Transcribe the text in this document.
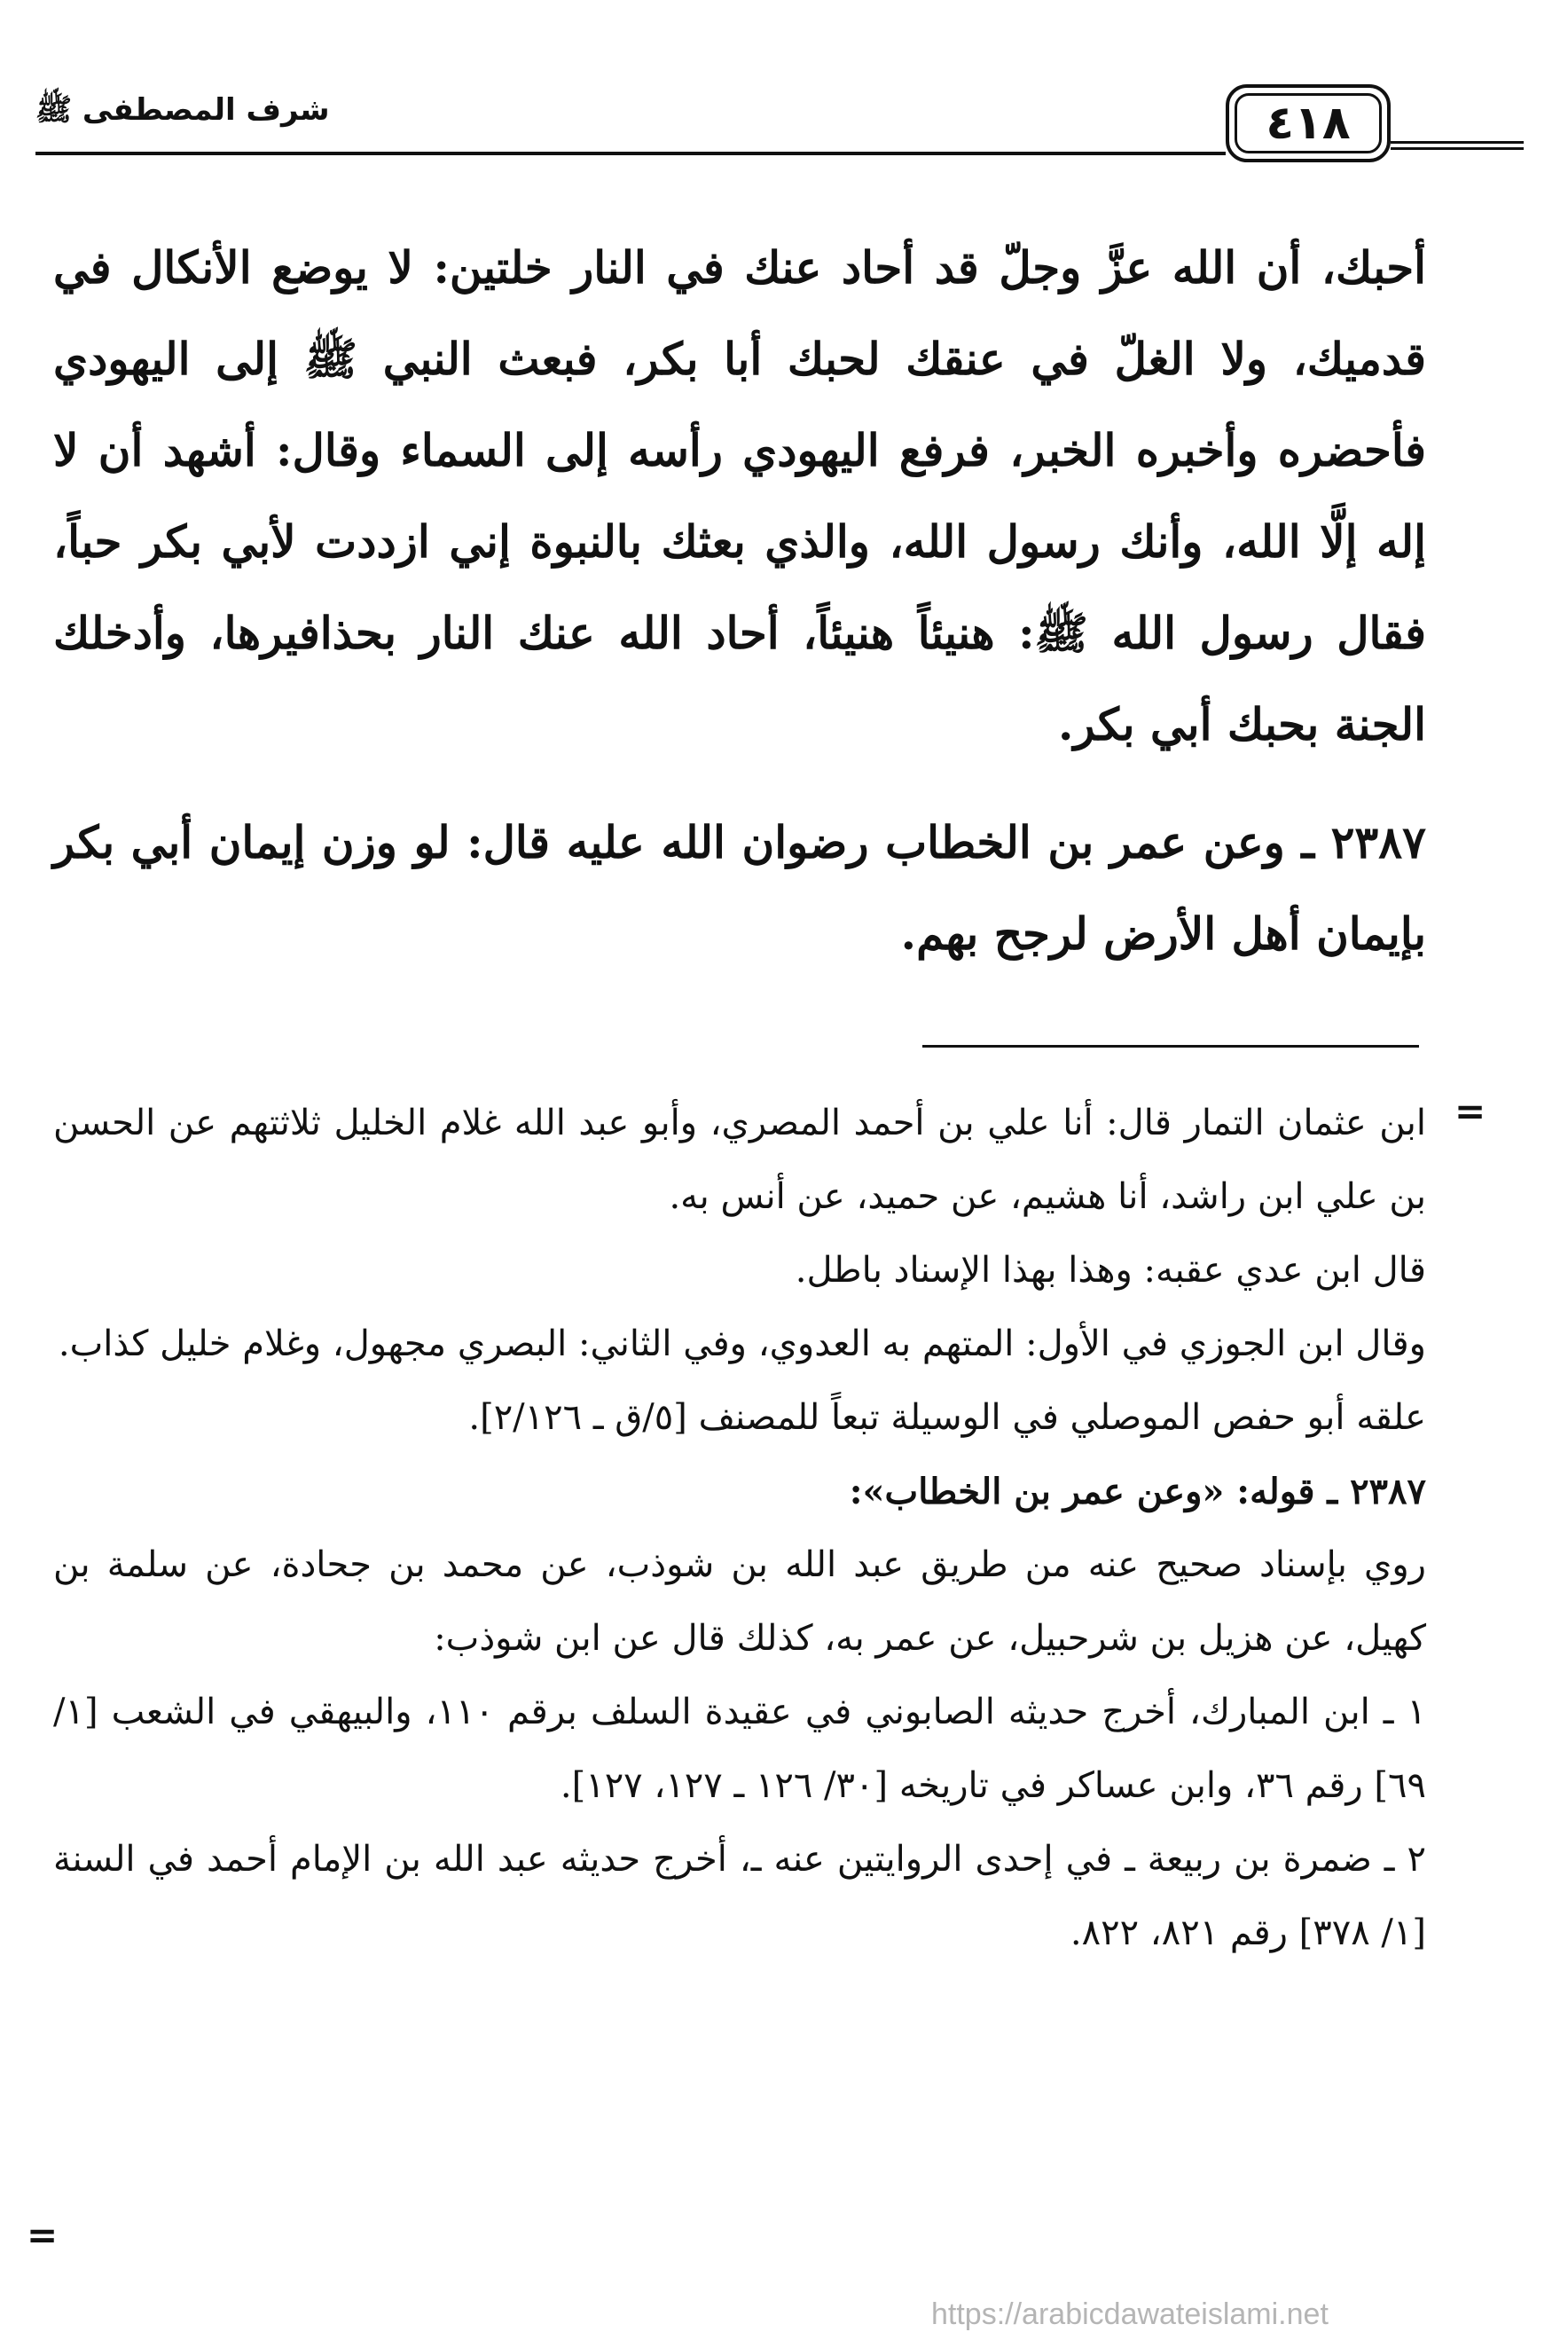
شرف المصطفى ﷺ	٤١٨

أحبك، أن الله عزَّ وجلّ قد أحاد عنك في النار خلتين: لا يوضع الأنكال في قدميك، ولا الغلّ في عنقك لحبك أبا بكر، فبعث النبي ﷺ إلى اليهودي فأحضره وأخبره الخبر، فرفع اليهودي رأسه إلى السماء وقال: أشهد أن لا إله إلَّا الله، وأنك رسول الله، والذي بعثك بالنبوة إني ازددت لأبي بكر حباً، فقال رسول الله ﷺ: هنيئاً هنيئاً، أحاد الله عنك النار بحذافيرها، وأدخلك الجنة بحبك أبي بكر.

٢٣٨٧ ـ وعن عمر بن الخطاب رضوان الله عليه قال: لو وزن إيمان أبي بكر بإيمان أهل الأرض لرجح بهم.

=

ابن عثمان التمار قال: أنا علي بن أحمد المصري، وأبو عبد الله غلام الخليل ثلاثتهم عن الحسن بن علي ابن راشد، أنا هشيم، عن حميد، عن أنس به.

قال ابن عدي عقبه: وهذا بهذا الإسناد باطل.

وقال ابن الجوزي في الأول: المتهم به العدوي، وفي الثاني: البصري مجهول، وغلام خليل كذاب.

علقه أبو حفص الموصلي في الوسيلة تبعاً للمصنف [٥/ق ـ ٢/١٢٦].

٢٣٨٧ ـ قوله: «وعن عمر بن الخطاب»:

روي بإسناد صحيح عنه من طريق عبد الله بن شوذب، عن محمد بن جحادة، عن سلمة بن كهيل، عن هزيل بن شرحبيل، عن عمر به، كذلك قال عن ابن شوذب:

١ ـ ابن المبارك، أخرج حديثه الصابوني في عقيدة السلف برقم ١١٠، والبيهقي في الشعب [١/ ٦٩] رقم ٣٦، وابن عساكر في تاريخه [٣٠/ ١٢٦ ـ ١٢٧، ١٢٧].

٢ ـ ضمرة بن ربيعة ـ في إحدى الروايتين عنه ـ، أخرج حديثه عبد الله بن الإمام أحمد في السنة [١/ ٣٧٨] رقم ٨٢١، ٨٢٢.

=
https://arabicdawateislami.net
